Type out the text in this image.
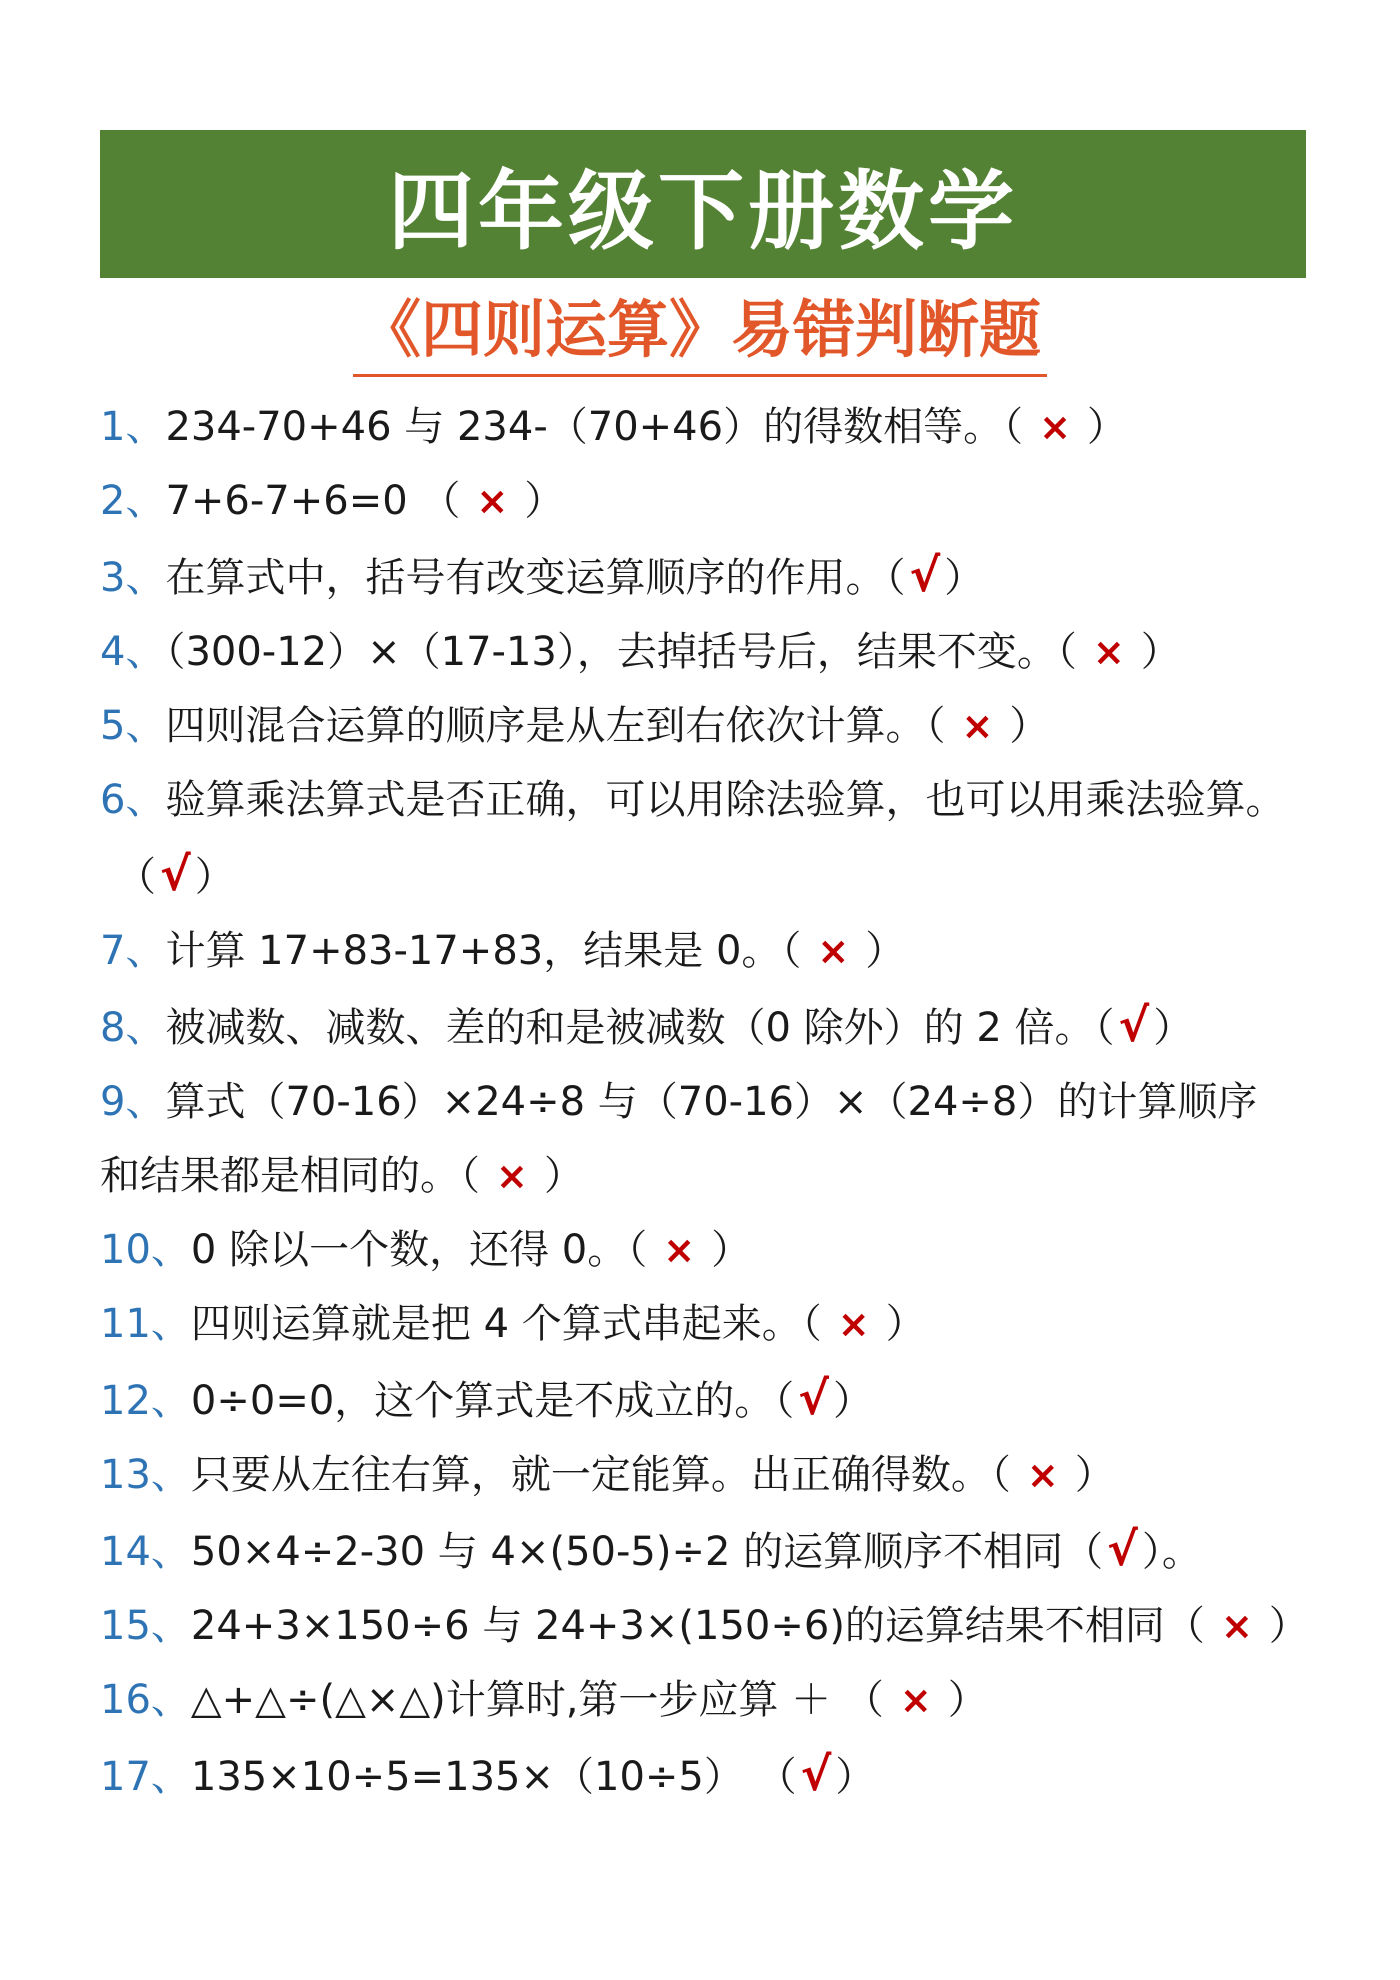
四年级下册数学
《四则运算》易错判断题
1、234-70+46 与 234-（70+46）的得数相等。（ × ）
2、7+6-7+6=0 （ × ）
3、在算式中，括号有改变运算顺序的作用。（√ ）
4、（300-12）×（17-13），去掉括号后，结果不变。（ × ）
5、四则混合运算的顺序是从左到右依次计算。（ × ）
6、验算乘法算式是否正确，可以用除法验算，也可以用乘法验算。
（√ ）
7、计算 17+83-17+83，结果是 0。（ × ）
8、被减数、减数、差的和是被减数（0 除外）的 2 倍。（√ ）
9、算式（70-16）×24÷8 与（70-16）×（24÷8）的计算顺序
和结果都是相同的。（ × ）
10、0 除以一个数，还得 0。（ × ）
11、四则运算就是把 4 个算式串起来。（ × ）
12、0÷0=0，这个算式是不成立的。（√ ）
13、只要从左往右算，就一定能算。出正确得数。（ × ）
14、50×4÷2-30 与 4×(50-5)÷2 的运算顺序不相同（√ ）。
15、24+3×150÷6 与 24+3×(150÷6)的运算结果不相同（ × ）
16、△+△÷(△×△)计算时,第一步应算 ＋ （ × ）
17、135×10÷5=135×（10÷5） （√ ）
